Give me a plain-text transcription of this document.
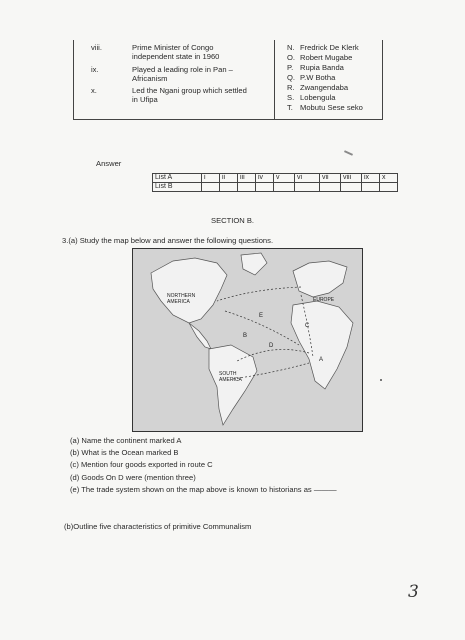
viii.	Prime Minister of Congo
independent state in 1960
ix.	Played a leading role in Pan –
Africanism
x.	Led the Ngani group which settled
in Ufipa
N. Fredrick De Klerk
O. Robert Mugabe
P. Rupia Banda
Q. P.W Botha
R. Zwangendaba
S. Lobengula
T. Mobutu Sese seko
Answer
List A	i	ii	iii	iv	v	vi	vii	viii	ix	x
List B										
SECTION B.
3.(a) Study the map below and answer the following questions.
NORTHERN
AMERICA	EUROPE
SOUTH
AMERICA
A
B
C
D
E
(a) Name the continent marked A
(b) What is the Ocean marked B
(c) Mention four goods exported in route C
(d) Goods On D were (mention three)
(e) The trade system shown on the map above is known to historians as ———
(b)Outline five characteristics of primitive Communalism
3
